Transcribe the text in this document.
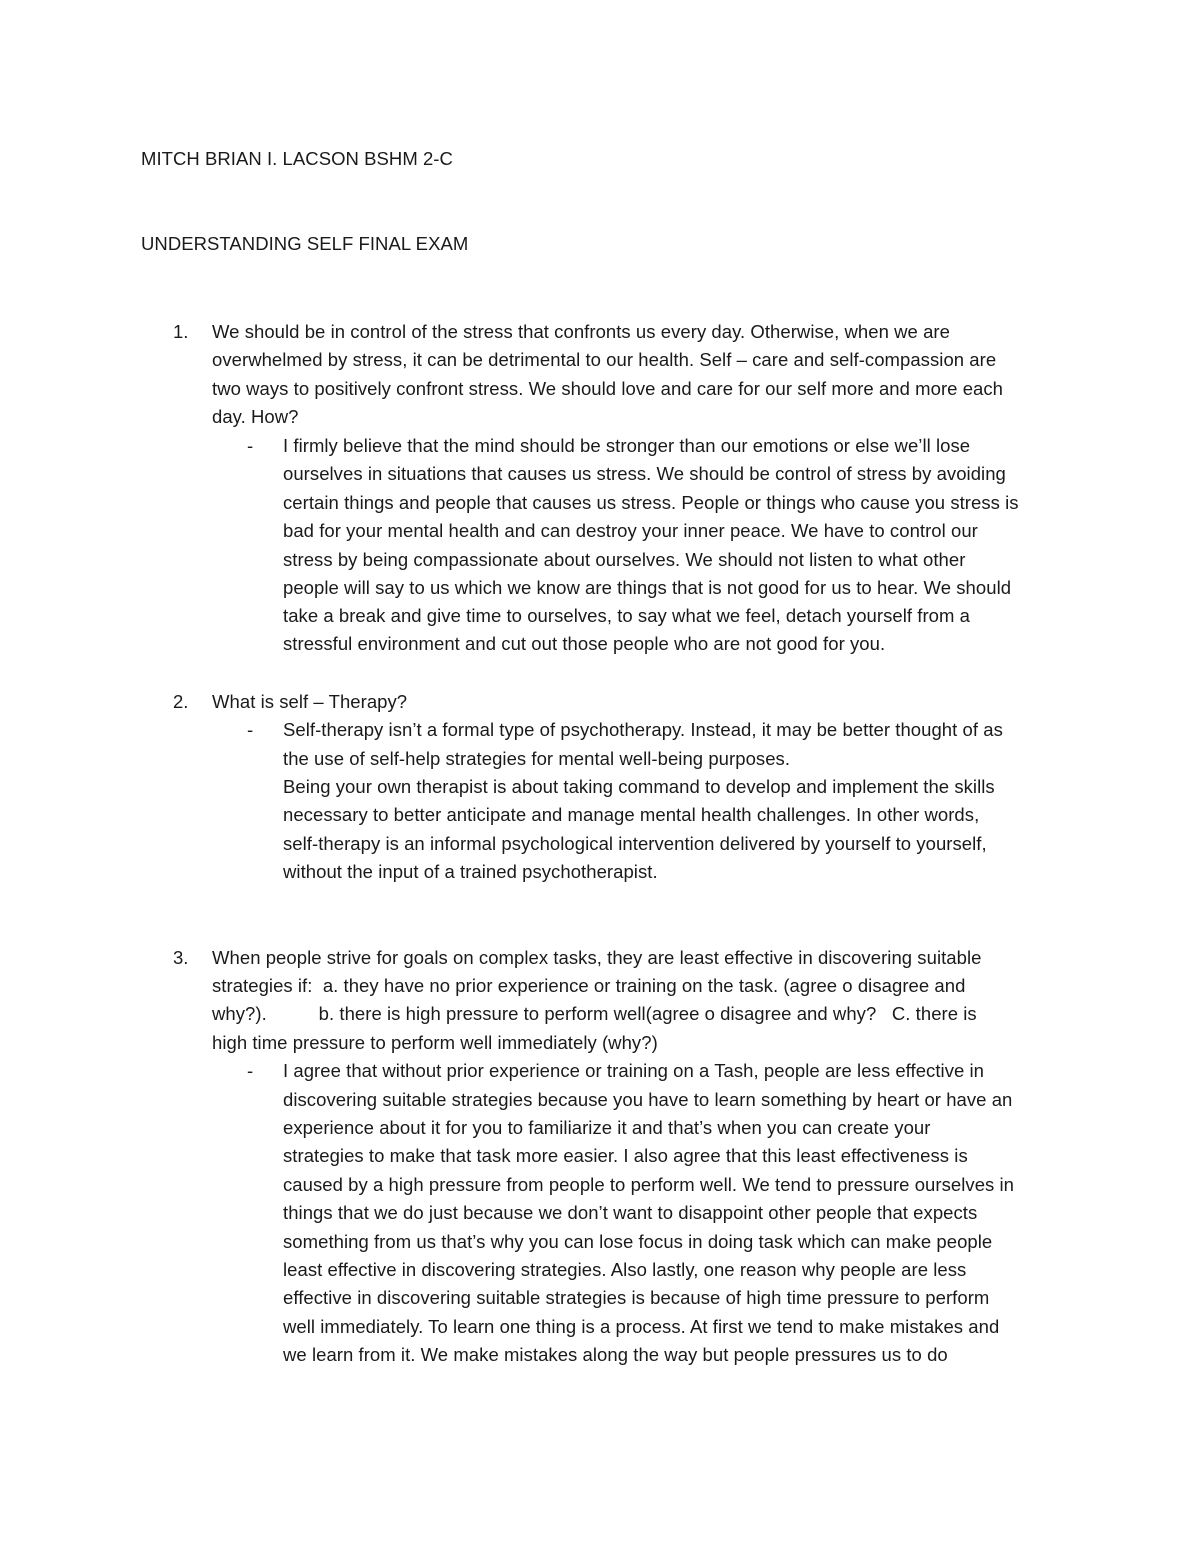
MITCH BRIAN I. LACSON BSHM 2-C
UNDERSTANDING SELF FINAL EXAM
1. We should be in control of the stress that confronts us every day. Otherwise, when we are
overwhelmed by stress, it can be detrimental to our health. Self – care and self-compassion are
two ways to positively confront stress. We should love and care for our self more and more each
day. How?
- I firmly believe that the mind should be stronger than our emotions or else we’ll lose
ourselves in situations that causes us stress. We should be control of stress by avoiding
certain things and people that causes us stress. People or things who cause you stress is
bad for your mental health and can destroy your inner peace. We have to control our
stress by being compassionate about ourselves. We should not listen to what other
people will say to us which we know are things that is not good for us to hear. We should
take a break and give time to ourselves, to say what we feel, detach yourself from a
stressful environment and cut out those people who are not good for you.
2. What is self – Therapy?
- Self-therapy isn’t a formal type of psychotherapy. Instead, it may be better thought of as
the use of self-help strategies for mental well-being purposes.
Being your own therapist is about taking command to develop and implement the skills
necessary to better anticipate and manage mental health challenges. In other words,
self-therapy is an informal psychological intervention delivered by yourself to yourself,
without the input of a trained psychotherapist.
3. When people strive for goals on complex tasks, they are least effective in discovering suitable
strategies if:  a. they have no prior experience or training on the task. (agree o disagree and
why?).          b. there is high pressure to perform well(agree o disagree and why?   C. there is
high time pressure to perform well immediately (why?)
- I agree that without prior experience or training on a Tash, people are less effective in
discovering suitable strategies because you have to learn something by heart or have an
experience about it for you to familiarize it and that’s when you can create your
strategies to make that task more easier. I also agree that this least effectiveness is
caused by a high pressure from people to perform well. We tend to pressure ourselves in
things that we do just because we don’t want to disappoint other people that expects
something from us that’s why you can lose focus in doing task which can make people
least effective in discovering strategies. Also lastly, one reason why people are less
effective in discovering suitable strategies is because of high time pressure to perform
well immediately. To learn one thing is a process. At first we tend to make mistakes and
we learn from it. We make mistakes along the way but people pressures us to do
